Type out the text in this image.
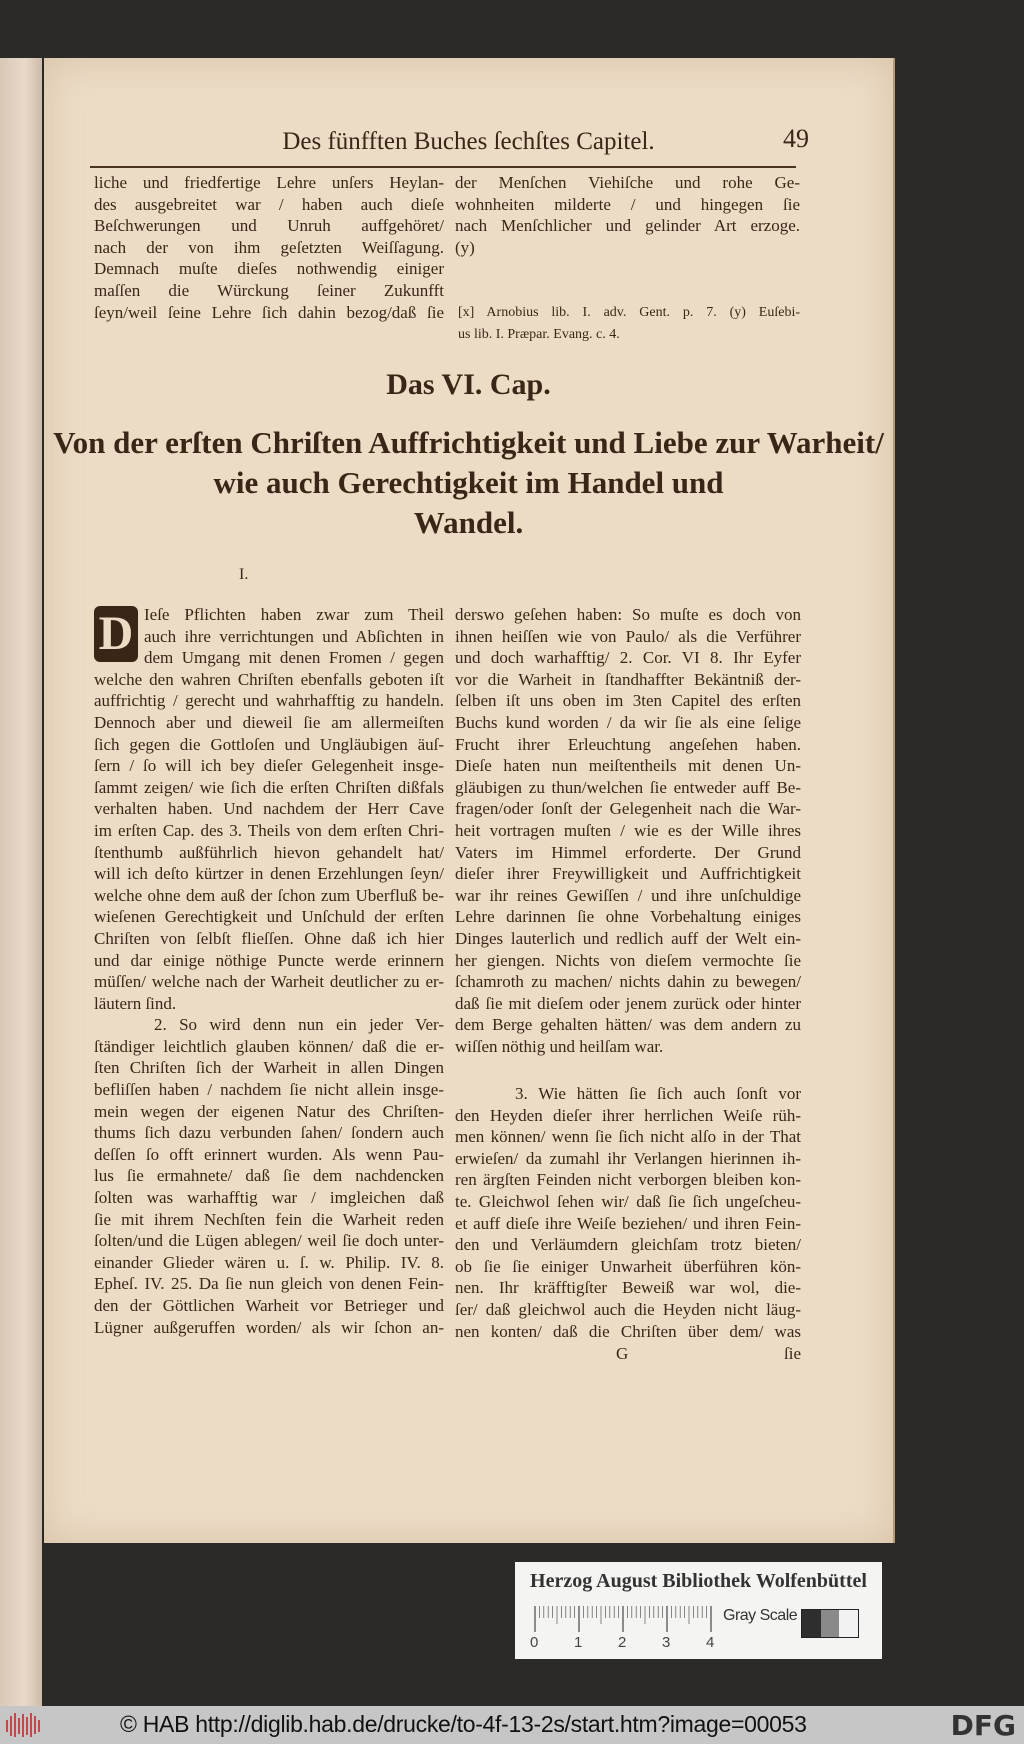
Des fünfften Buches ſechſtes Capitel.	49
liche und friedfertige Lehre unſers Heylan-
des ausgebreitet war / haben auch dieſe
Beſchwerungen und Unruh auffgehöret/
nach der von ihm geſetzten Weiſſagung.
Demnach muſte dieſes nothwendig einiger
maſſen die Würckung ſeiner Zukunfft
ſeyn/weil ſeine Lehre ſich dahin bezog/daß ſie
der Menſchen Viehiſche und rohe Ge-
wohnheiten milderte / und hingegen ſie
nach Menſchlicher und gelinder Art erzoge.
(y)
[x] Arnobius lib. I. adv. Gent. p. 7. (y) Euſebi-
us lib. I. Præpar. Evang. c. 4.
Das VI. Cap.
Von der erſten Chriſten Auffrichtigkeit und Liebe zur Warheit/
wie auch Gerechtigkeit im Handel und
Wandel.
I.
D Ieſe Pflichten haben zwar zum Theil
auch ihre verrichtungen und Abſichten in
dem Umgang mit denen Fromen / gegen
welche den wahren Chriſten ebenfalls geboten iſt
auffrichtig / gerecht und wahrhafftig zu handeln.
Dennoch aber und dieweil ſie am allermeiſten
ſich gegen die Gottloſen und Ungläubigen äuſ-
ſern / ſo will ich bey dieſer Gelegenheit insge-
ſammt zeigen/ wie ſich die erſten Chriſten dißfals
verhalten haben. Und nachdem der Herr Cave
im erſten Cap. des 3. Theils von dem erſten Chri-
ſtenthumb außführlich hievon gehandelt hat/
will ich deſto kürtzer in denen Erzehlungen ſeyn/
welche ohne dem auß der ſchon zum Uberfluß be-
wieſenen Gerechtigkeit und Unſchuld der erſten
Chriſten von ſelbſt flieſſen. Ohne daß ich hier
und dar einige nöthige Puncte werde erinnern
müſſen/ welche nach der Warheit deutlicher zu er-
läutern ſind.
2. So wird denn nun ein jeder Ver-
ſtändiger leichtlich glauben können/ daß die er-
ſten Chriſten ſich der Warheit in allen Dingen
befliſſen haben / nachdem ſie nicht allein insge-
mein wegen der eigenen Natur des Chriſten-
thums ſich dazu verbunden ſahen/ ſondern auch
deſſen ſo offt erinnert wurden. Als wenn Pau-
lus ſie ermahnete/ daß ſie dem nachdencken
ſolten was warhafftig war / imgleichen daß
ſie mit ihrem Nechſten fein die Warheit reden
ſolten/und die Lügen ablegen/ weil ſie doch unter-
einander Glieder wären u. ſ. w. Philip. IV. 8.
Epheſ. IV. 25. Da ſie nun gleich von denen Fein-
den der Göttlichen Warheit vor Betrieger und
Lügner außgeruffen worden/ als wir ſchon an-
derswo geſehen haben: So muſte es doch von
ihnen heiſſen wie von Paulo/ als die Verführer
und doch warhafftig/ 2. Cor. VI 8. Ihr Eyfer
vor die Warheit in ſtandhaffter Bekäntniß der-
ſelben iſt uns oben im 3ten Capitel des erſten
Buchs kund worden / da wir ſie als eine ſelige
Frucht ihrer Erleuchtung angeſehen haben.
Dieſe haten nun meiſtentheils mit denen Un-
gläubigen zu thun/welchen ſie entweder auff Be-
fragen/oder ſonſt der Gelegenheit nach die War-
heit vortragen muſten / wie es der Wille ihres
Vaters im Himmel erforderte. Der Grund
dieſer ihrer Freywilligkeit und Auffrichtigkeit
war ihr reines Gewiſſen / und ihre unſchuldige
Lehre darinnen ſie ohne Vorbehaltung einiges
Dinges lauterlich und redlich auff der Welt ein-
her giengen. Nichts von dieſem vermochte ſie
ſchamroth zu machen/ nichts dahin zu bewegen/
daß ſie mit dieſem oder jenem zurück oder hinter
dem Berge gehalten hätten/ was dem andern zu
wiſſen nöthig und heilſam war.
3. Wie hätten ſie ſich auch ſonſt vor
den Heyden dieſer ihrer herrlichen Weiſe rüh-
men können/ wenn ſie ſich nicht alſo in der That
erwieſen/ da zumahl ihr Verlangen hierinnen ih-
ren ärgſten Feinden nicht verborgen bleiben kon-
te. Gleichwol ſehen wir/ daß ſie ſich ungeſcheu-
et auff dieſe ihre Weiſe beziehen/ und ihren Fein-
den und Verläumdern gleichſam trotz bieten/
ob ſie ſie einiger Unwarheit überführen kön-
nen. Ihr kräfftigſter Beweiß war wol, die-
ſer/ daß gleichwol auch die Heyden nicht läug-
nen konten/ daß die Chriſten über dem/ was
G	ſie
Herzog August Bibliothek Wolfenbüttel
0 1 2 3 4
Gray Scale
© HAB http://diglib.hab.de/drucke/to-4f-13-2s/start.htm?image=00053	DFG
